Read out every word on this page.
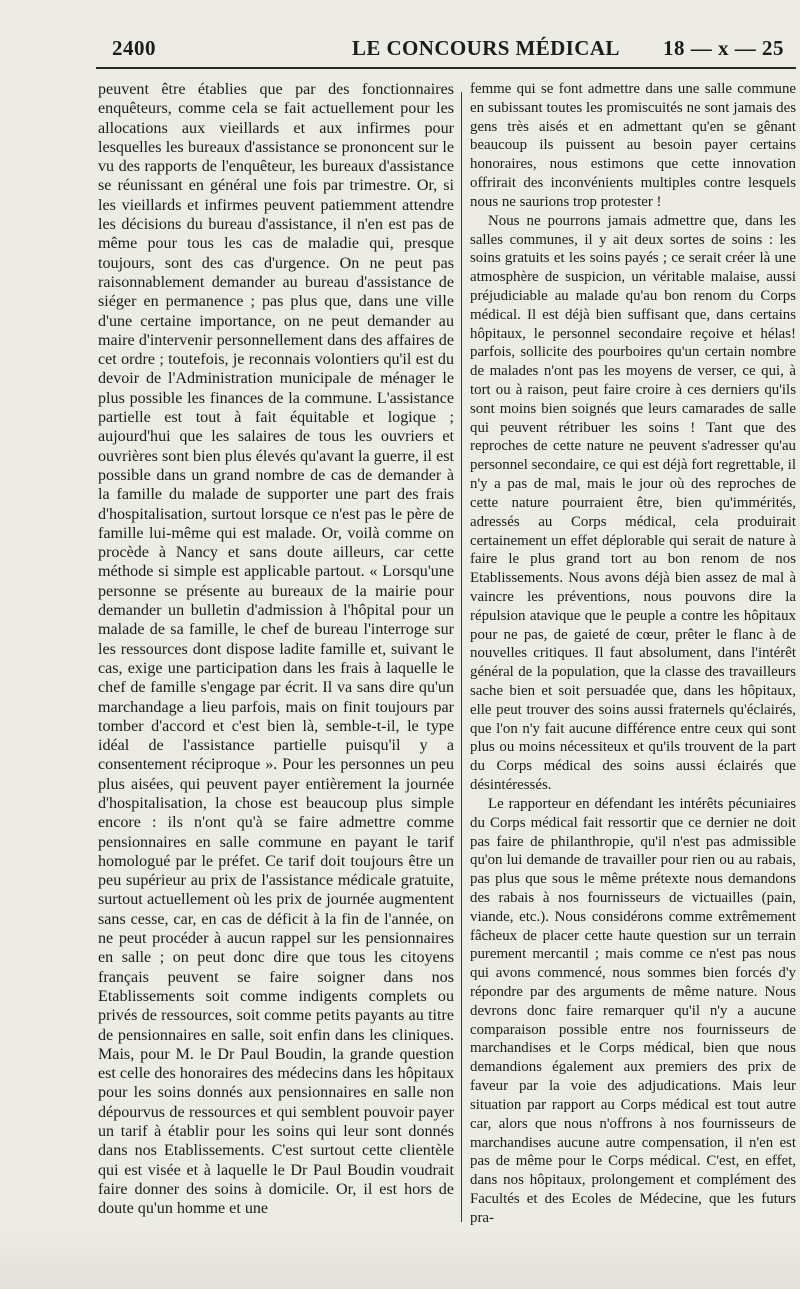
2400	LE CONCOURS MÉDICAL 18 — x — 25

peuvent être établies que par des fonctionnaires enquêteurs, comme cela se fait actuellement pour les allocations aux vieillards et aux infirmes pour lesquelles les bureaux d'assistance se prononcent sur le vu des rapports de l'enquêteur, les bureaux d'assistance se réunissant en général une fois par trimestre. Or, si les vieillards et infirmes peuvent patiemment attendre les décisions du bureau d'assistance, il n'en est pas de même pour tous les cas de maladie qui, presque toujours, sont des cas d'urgence. On ne peut pas raisonnablement demander au bureau d'assistance de siéger en permanence ; pas plus que, dans une ville d'une certaine importance, on ne peut demander au maire d'intervenir personnellement dans des affaires de cet ordre ; toutefois, je reconnais volontiers qu'il est du devoir de l'Administration municipale de ménager le plus possible les finances de la commune. L'assistance partielle est tout à fait équitable et logique ; aujourd'hui que les salaires de tous les ouvriers et ouvrières sont bien plus élevés qu'avant la guerre, il est possible dans un grand nombre de cas de demander à la famille du malade de supporter une part des frais d'hospitalisation, surtout lorsque ce n'est pas le père de famille lui-même qui est malade. Or, voilà comme on procède à Nancy et sans doute ailleurs, car cette méthode si simple est applicable partout. « Lorsqu'une personne se présente au bureaux de la mairie pour demander un bulletin d'admission à l'hôpital pour un malade de sa famille, le chef de bureau l'interroge sur les ressources dont dispose ladite famille et, suivant le cas, exige une participation dans les frais à laquelle le chef de famille s'engage par écrit. Il va sans dire qu'un marchandage a lieu parfois, mais on finit toujours par tomber d'accord et c'est bien là, semble-t-il, le type idéal de l'assistance partielle puisqu'il y a consentement réciproque ». Pour les personnes un peu plus aisées, qui peuvent payer entièrement la journée d'hospitalisation, la chose est beaucoup plus simple encore : ils n'ont qu'à se faire admettre comme pensionnaires en salle commune en payant le tarif homologué par le préfet. Ce tarif doit toujours être un peu supérieur au prix de l'assistance médicale gratuite, surtout actuellement où les prix de journée augmentent sans cesse, car, en cas de déficit à la fin de l'année, on ne peut procéder à aucun rappel sur les pensionnaires en salle ; on peut donc dire que tous les citoyens français peuvent se faire soigner dans nos Etablissements soit comme indigents complets ou privés de ressources, soit comme petits payants au titre de pensionnaires en salle, soit enfin dans les cliniques. Mais, pour M. le Dr Paul Boudin, la grande question est celle des honoraires des médecins dans les hôpitaux pour les soins donnés aux pensionnaires en salle non dépourvus de ressources et qui semblent pouvoir payer un tarif à établir pour les soins qui leur sont donnés dans nos Etablissements. C'est surtout cette clientèle qui est visée et à laquelle le Dr Paul Boudin voudrait faire donner des soins à domicile. Or, il est hors de doute qu'un homme et une

femme qui se font admettre dans une salle commune en subissant toutes les promiscuités ne sont jamais des gens très aisés et en admettant qu'en se gênant beaucoup ils puissent au besoin payer certains honoraires, nous estimons que cette innovation offrirait des inconvénients multiples contre lesquels nous ne saurions trop protester !

Nous ne pourrons jamais admettre que, dans les salles communes, il y ait deux sortes de soins : les soins gratuits et les soins payés ; ce serait créer là une atmosphère de suspicion, un véritable malaise, aussi préjudiciable au malade qu'au bon renom du Corps médical. Il est déjà bien suffisant que, dans certains hôpitaux, le personnel secondaire reçoive et hélas! parfois, sollicite des pourboires qu'un certain nombre de malades n'ont pas les moyens de verser, ce qui, à tort ou à raison, peut faire croire à ces derniers qu'ils sont moins bien soignés que leurs camarades de salle qui peuvent rétribuer les soins ! Tant que des reproches de cette nature ne peuvent s'adresser qu'au personnel secondaire, ce qui est déjà fort regrettable, il n'y a pas de mal, mais le jour où des reproches de cette nature pourraient être, bien qu'immérités, adressés au Corps médical, cela produirait certainement un effet déplorable qui serait de nature à faire le plus grand tort au bon renom de nos Etablissements. Nous avons déjà bien assez de mal à vaincre les préventions, nous pouvons dire la répulsion atavique que le peuple a contre les hôpitaux pour ne pas, de gaieté de cœur, prêter le flanc à de nouvelles critiques. Il faut absolument, dans l'intérêt général de la population, que la classe des travailleurs sache bien et soit persuadée que, dans les hôpitaux, elle peut trouver des soins aussi fraternels qu'éclairés, que l'on n'y fait aucune différence entre ceux qui sont plus ou moins nécessiteux et qu'ils trouvent de la part du Corps médical des soins aussi éclairés que désintéressés.

Le rapporteur en défendant les intérêts pécuniaires du Corps médical fait ressortir que ce dernier ne doit pas faire de philanthropie, qu'il n'est pas admissible qu'on lui demande de travailler pour rien ou au rabais, pas plus que sous le même prétexte nous demandons des rabais à nos fournisseurs de victuailles (pain, viande, etc.). Nous considérons comme extrêmement fâcheux de placer cette haute question sur un terrain purement mercantil ; mais comme ce n'est pas nous qui avons commencé, nous sommes bien forcés d'y répondre par des arguments de même nature. Nous devrons donc faire remarquer qu'il n'y a aucune comparaison possible entre nos fournisseurs de marchandises et le Corps médical, bien que nous demandions également aux premiers des prix de faveur par la voie des adjudications. Mais leur situation par rapport au Corps médical est tout autre car, alors que nous n'offrons à nos fournisseurs de marchandises aucune autre compensation, il n'en est pas de même pour le Corps médical. C'est, en effet, dans nos hôpitaux, prolongement et complément des Facultés et des Ecoles de Médecine, que les futurs pra-
